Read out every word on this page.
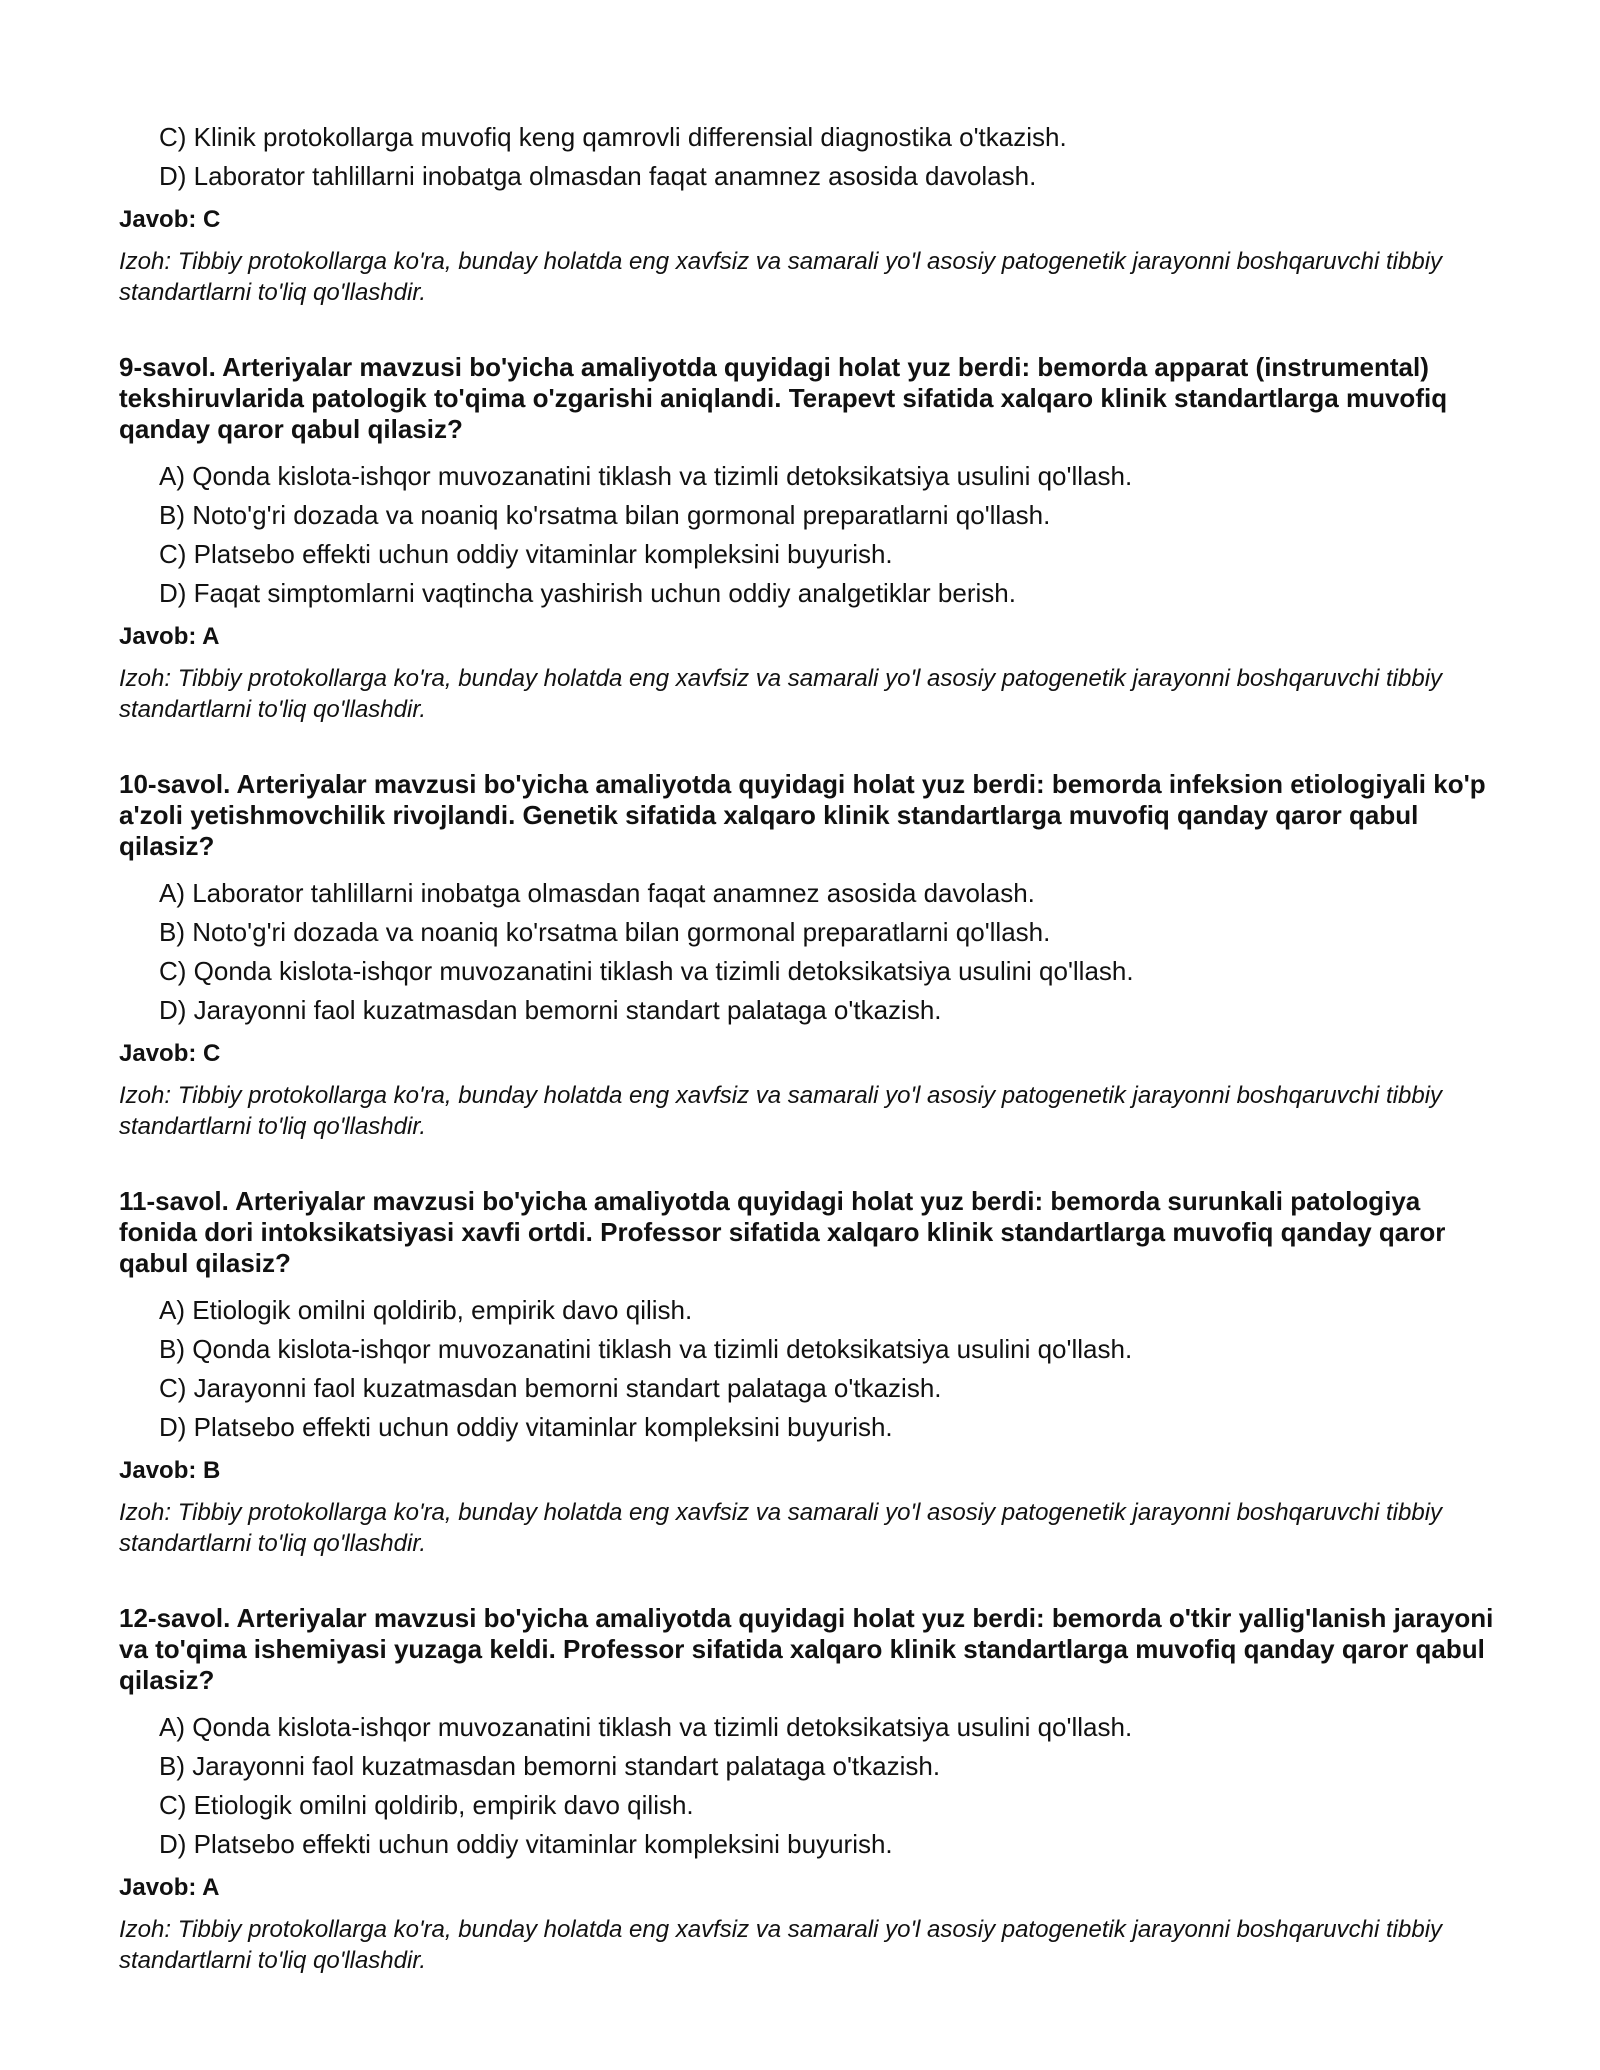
C) Klinik protokollarga muvofiq keng qamrovli differensial diagnostika o'tkazish.
D) Laborator tahlillarni inobatga olmasdan faqat anamnez asosida davolash.
Javob: C
Izoh: Tibbiy protokollarga ko'ra, bunday holatda eng xavfsiz va samarali yo'l asosiy patogenetik jarayonni boshqaruvchi tibbiy standartlarni to'liq qo'llashdir.
9-savol. Arteriyalar mavzusi bo'yicha amaliyotda quyidagi holat yuz berdi: bemorda apparat (instrumental) tekshiruvlarida patologik to'qima o'zgarishi aniqlandi. Terapevt sifatida xalqaro klinik standartlarga muvofiq qanday qaror qabul qilasiz?
A) Qonda kislota-ishqor muvozanatini tiklash va tizimli detoksikatsiya usulini qo'llash.
B) Noto'g'ri dozada va noaniq ko'rsatma bilan gormonal preparatlarni qo'llash.
C) Platsebo effekti uchun oddiy vitaminlar kompleksini buyurish.
D) Faqat simptomlarni vaqtincha yashirish uchun oddiy analgetiklar berish.
Javob: A
Izoh: Tibbiy protokollarga ko'ra, bunday holatda eng xavfsiz va samarali yo'l asosiy patogenetik jarayonni boshqaruvchi tibbiy standartlarni to'liq qo'llashdir.
10-savol. Arteriyalar mavzusi bo'yicha amaliyotda quyidagi holat yuz berdi: bemorda infeksion etiologiyali ko'p a'zoli yetishmovchilik rivojlandi. Genetik sifatida xalqaro klinik standartlarga muvofiq qanday qaror qabul qilasiz?
A) Laborator tahlillarni inobatga olmasdan faqat anamnez asosida davolash.
B) Noto'g'ri dozada va noaniq ko'rsatma bilan gormonal preparatlarni qo'llash.
C) Qonda kislota-ishqor muvozanatini tiklash va tizimli detoksikatsiya usulini qo'llash.
D) Jarayonni faol kuzatmasdan bemorni standart palataga o'tkazish.
Javob: C
Izoh: Tibbiy protokollarga ko'ra, bunday holatda eng xavfsiz va samarali yo'l asosiy patogenetik jarayonni boshqaruvchi tibbiy standartlarni to'liq qo'llashdir.
11-savol. Arteriyalar mavzusi bo'yicha amaliyotda quyidagi holat yuz berdi: bemorda surunkali patologiya fonida dori intoksikatsiyasi xavfi ortdi. Professor sifatida xalqaro klinik standartlarga muvofiq qanday qaror qabul qilasiz?
A) Etiologik omilni qoldirib, empirik davo qilish.
B) Qonda kislota-ishqor muvozanatini tiklash va tizimli detoksikatsiya usulini qo'llash.
C) Jarayonni faol kuzatmasdan bemorni standart palataga o'tkazish.
D) Platsebo effekti uchun oddiy vitaminlar kompleksini buyurish.
Javob: B
Izoh: Tibbiy protokollarga ko'ra, bunday holatda eng xavfsiz va samarali yo'l asosiy patogenetik jarayonni boshqaruvchi tibbiy standartlarni to'liq qo'llashdir.
12-savol. Arteriyalar mavzusi bo'yicha amaliyotda quyidagi holat yuz berdi: bemorda o'tkir yallig'lanish jarayoni va to'qima ishemiyasi yuzaga keldi. Professor sifatida xalqaro klinik standartlarga muvofiq qanday qaror qabul qilasiz?
A) Qonda kislota-ishqor muvozanatini tiklash va tizimli detoksikatsiya usulini qo'llash.
B) Jarayonni faol kuzatmasdan bemorni standart palataga o'tkazish.
C) Etiologik omilni qoldirib, empirik davo qilish.
D) Platsebo effekti uchun oddiy vitaminlar kompleksini buyurish.
Javob: A
Izoh: Tibbiy protokollarga ko'ra, bunday holatda eng xavfsiz va samarali yo'l asosiy patogenetik jarayonni boshqaruvchi tibbiy standartlarni to'liq qo'llashdir.
